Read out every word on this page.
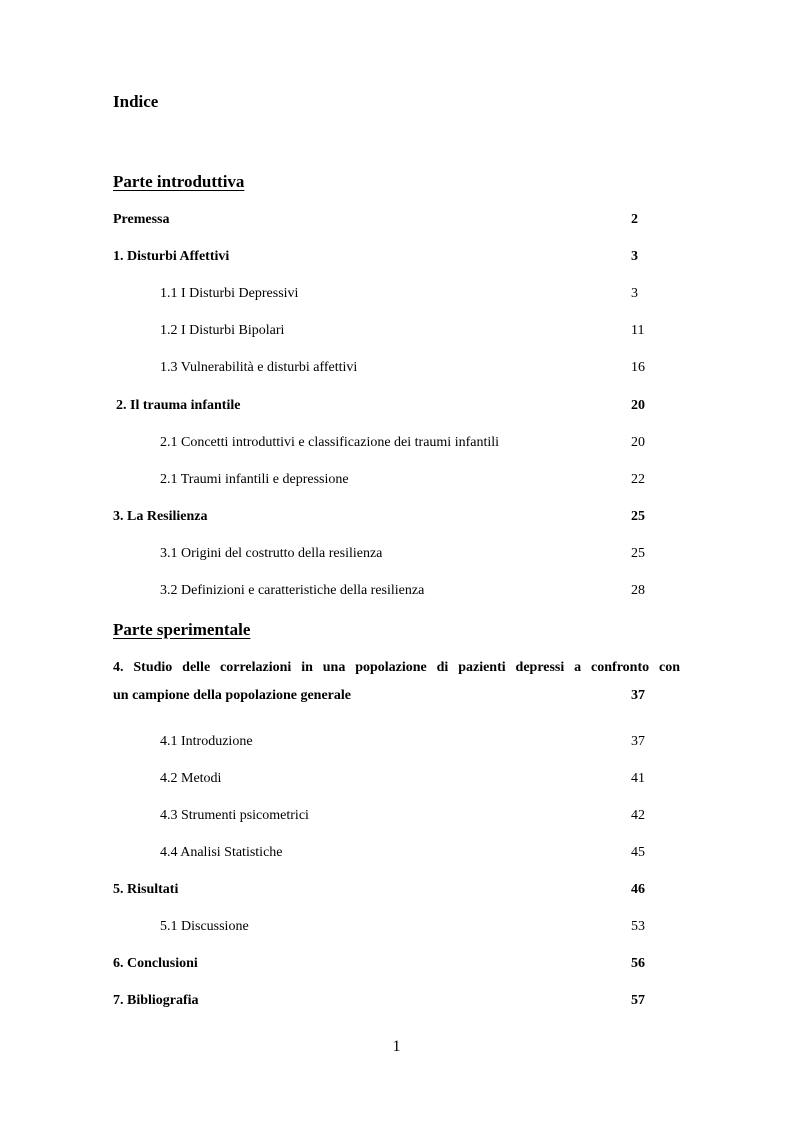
Indice
Parte introduttiva
Premessa	2
1. Disturbi Affettivi	3
1.1 I Disturbi Depressivi	3
1.2 I Disturbi Bipolari	11
1.3 Vulnerabilità e disturbi affettivi	16
2. Il trauma infantile	20
2.1 Concetti introduttivi e classificazione dei traumi infantili	20
2.1 Traumi infantili e depressione	22
3. La Resilienza	25
3.1 Origini del costrutto della resilienza	25
3.2 Definizioni e caratteristiche della resilienza	28
Parte sperimentale
4. Studio delle correlazioni in una popolazione di pazienti depressi a confronto con
un campione della popolazione generale	37
4.1 Introduzione	37
4.2 Metodi	41
4.3 Strumenti psicometrici	42
4.4 Analisi Statistiche	45
5. Risultati	46
5.1 Discussione	53
6. Conclusioni	56
7. Bibliografia	57
1
